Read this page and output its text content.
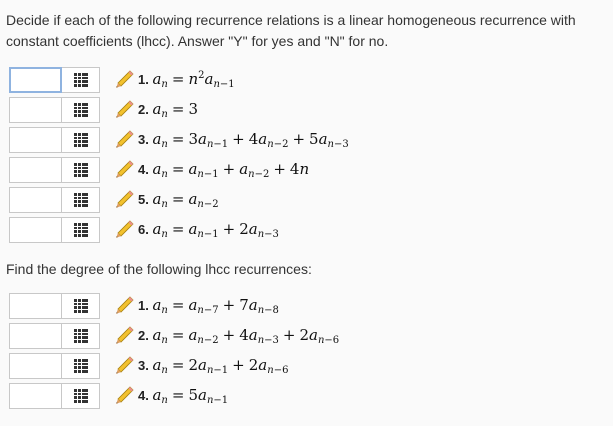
Decide if each of the following recurrence relations is a linear homogeneous recurrence with constant coefficients (lhcc). Answer "Y" for yes and "N" for no.
1. $a_n = n^2a_{n-1}$
2. $a_n = 3$
3. $a_n = 3a_{n-1} + 4a_{n-2} + 5a_{n-3}$
4. $a_n = a_{n-1} + a_{n-2} + 4n$
5. $a_n = a_{n-2}$
6. $a_n = a_{n-1} + 2a_{n-3}$
Find the degree of the following lhcc recurrences:
1. $a_n = a_{n-7} + 7a_{n-8}$
2. $a_n = a_{n-2} + 4a_{n-3} + 2a_{n-6}$
3. $a_n = 2a_{n-1} + 2a_{n-6}$
4. $a_n = 5a_{n-1}$
